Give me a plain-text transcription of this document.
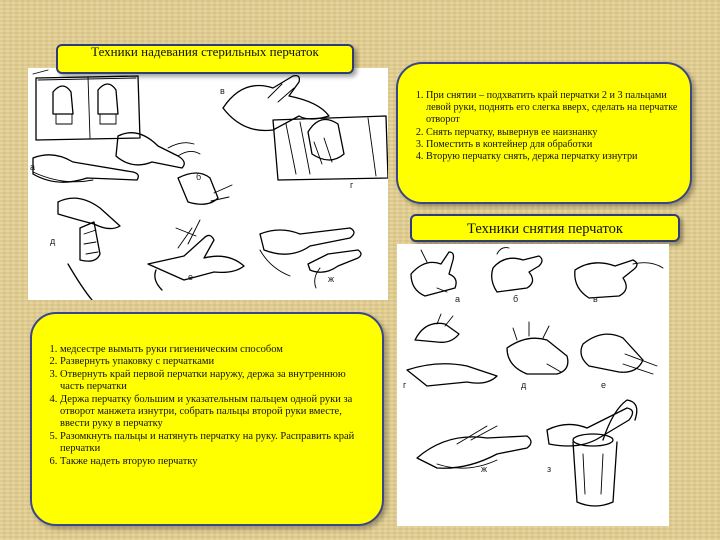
а
б
в
г
д
е	ж
Техники надевания стерильных перчаток
1. При снятии – подхватить край перчатки 2 и 3 пальцами левой руки, поднять его слегка вверх, сделать на перчатке отворот
2. Снять перчатку, вывернув ее наизнанку
3. Поместить в контейнер для обработки
4. Вторую перчатку снять, держа перчатку изнутри
Техники снятия перчаток
а	б	в
г	д	е
ж	з
1. медсестре вымыть руки гигиеническим способом
2. Развернуть упаковку с перчатками
3. Отвернуть край первой перчатки наружу, держа за внутреннюю часть перчатки
4. Держа перчатку большим и указательным пальцем одной руки за отворот манжета изнутри, собрать пальцы второй руки вместе, ввести руку в перчатку
5. Разомкнуть пальцы и натянуть перчатку на руку. Расправить край перчатки
6. Также надеть вторую перчатку
